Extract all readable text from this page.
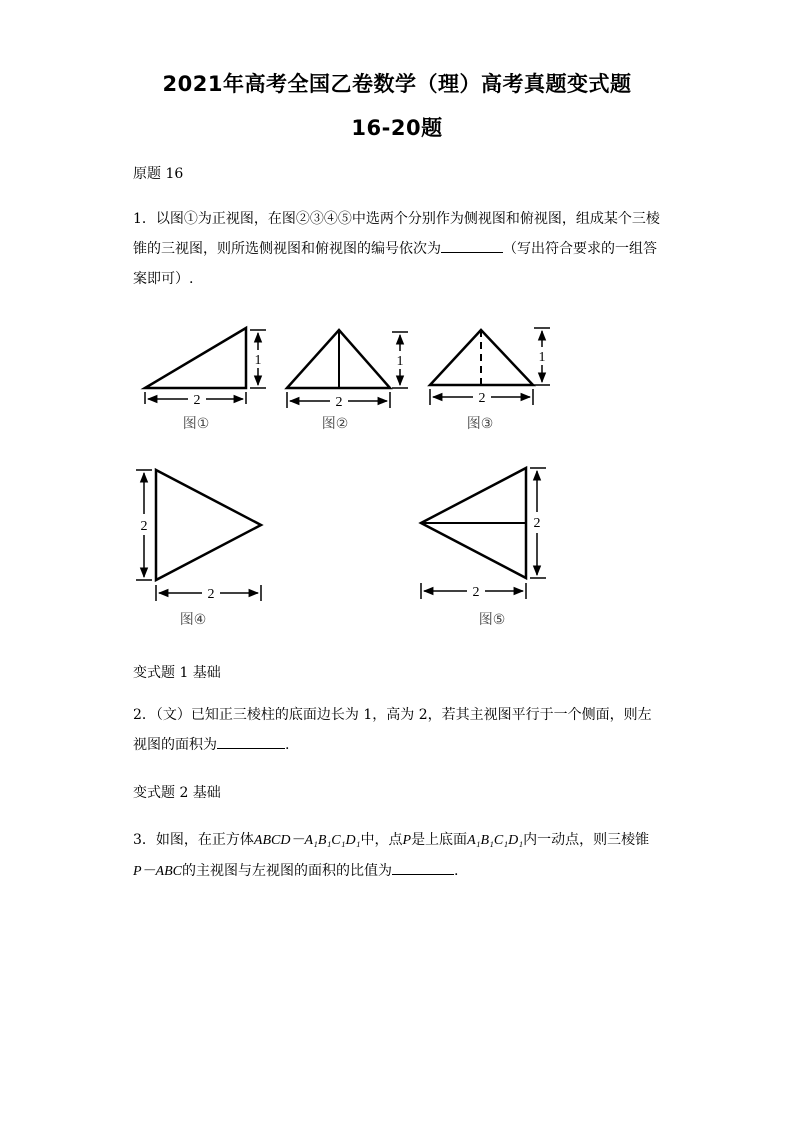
2021年高考全国乙卷数学（理）高考真题变式题
16-20题
原题 16
1．以图①为正视图，在图②③④⑤中选两个分别作为侧视图和俯视图，组成某个三棱锥的三视图，则所选侧视图和俯视图的编号依次为	（写出符合要求的一组答案即可）.
2
1
图①
2
1
图②
2
1
图③
2
2
图④
2
2
图⑤
变式题 1 基础
2．（文）已知正三棱柱的底面边长为 1，高为 2，若其主视图平行于一个侧面，则左视图的面积为	.
变式题 2 基础
3．如图，在正方体ABCD－A₁B₁C₁D₁中，点P是上底面A₁B₁C₁D₁内一动点，则三棱锥
P－ABC的主视图与左视图的面积的比值为	.
